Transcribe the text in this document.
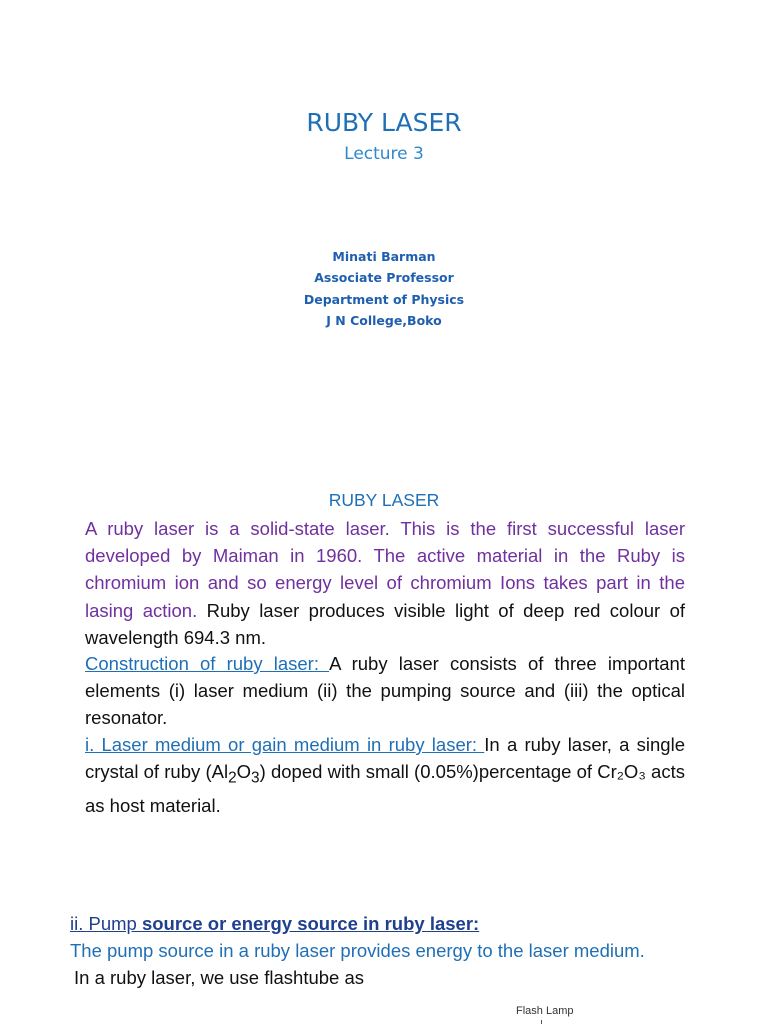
RUBY LASER
Lecture 3
Minati Barman
Associate Professor
Department of Physics
J N College,Boko
RUBY LASER
A ruby laser is a solid-state laser. This is the first successful laser developed by Maiman in 1960. The active material in the Ruby is chromium ion and so energy level of chromium Ions takes part in the lasing action. Ruby laser produces visible light of deep red colour of wavelength 694.3 nm.
Construction of ruby laser: A ruby laser consists of three important elements (i) laser medium (ii) the pumping source and (iii) the optical resonator.
i. Laser medium or gain medium in ruby laser: In a ruby laser, a single crystal of ruby $(Al_2O_3)$ doped with small (0.05%)percentage of Cr₂O₃ acts as host material.
ii. Pump source or energy source in ruby laser:
The pump source in a ruby laser provides energy to the laser medium.
In a ruby laser, we use flashtube as
Flash Lamp
